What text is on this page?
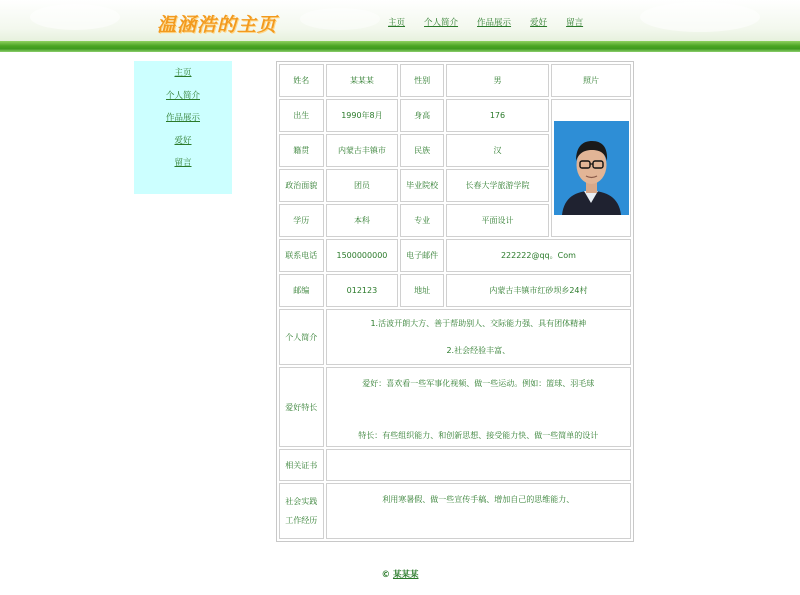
温涵浩的主页	主页 个人简介 作品展示 爱好 留言
主页
个人简介
作品展示
爱好
留言
姓名	某某某	性别	男	照片
出生	1990年8月	身高	176	

籍贯	内蒙古丰镇市	民族	汉	
政治面貌	团员	毕业院校	长春大学旅游学院	
学历	本科	专业	平面设计	
联系电话	1500000000	电子邮件	222222@qq。Com	
邮编	012123	地址	内蒙古丰镇市红砂坝乡24村	
个人简介	1.活波开朗大方、善于帮助别人、交际能力强、具有团体精神
2.社会经验丰富、			

爱好特长	爱好：喜欢看一些军事化视频、做一些运动。例如：篮球、羽毛球
特长：有些组织能力、和创新思想、接受能力快、做一些简单的设计			

相关证书				

社会实践
工作经历	利用寒暑假、做一些宣传手稿、增加自己的思维能力、			
© 某某某
